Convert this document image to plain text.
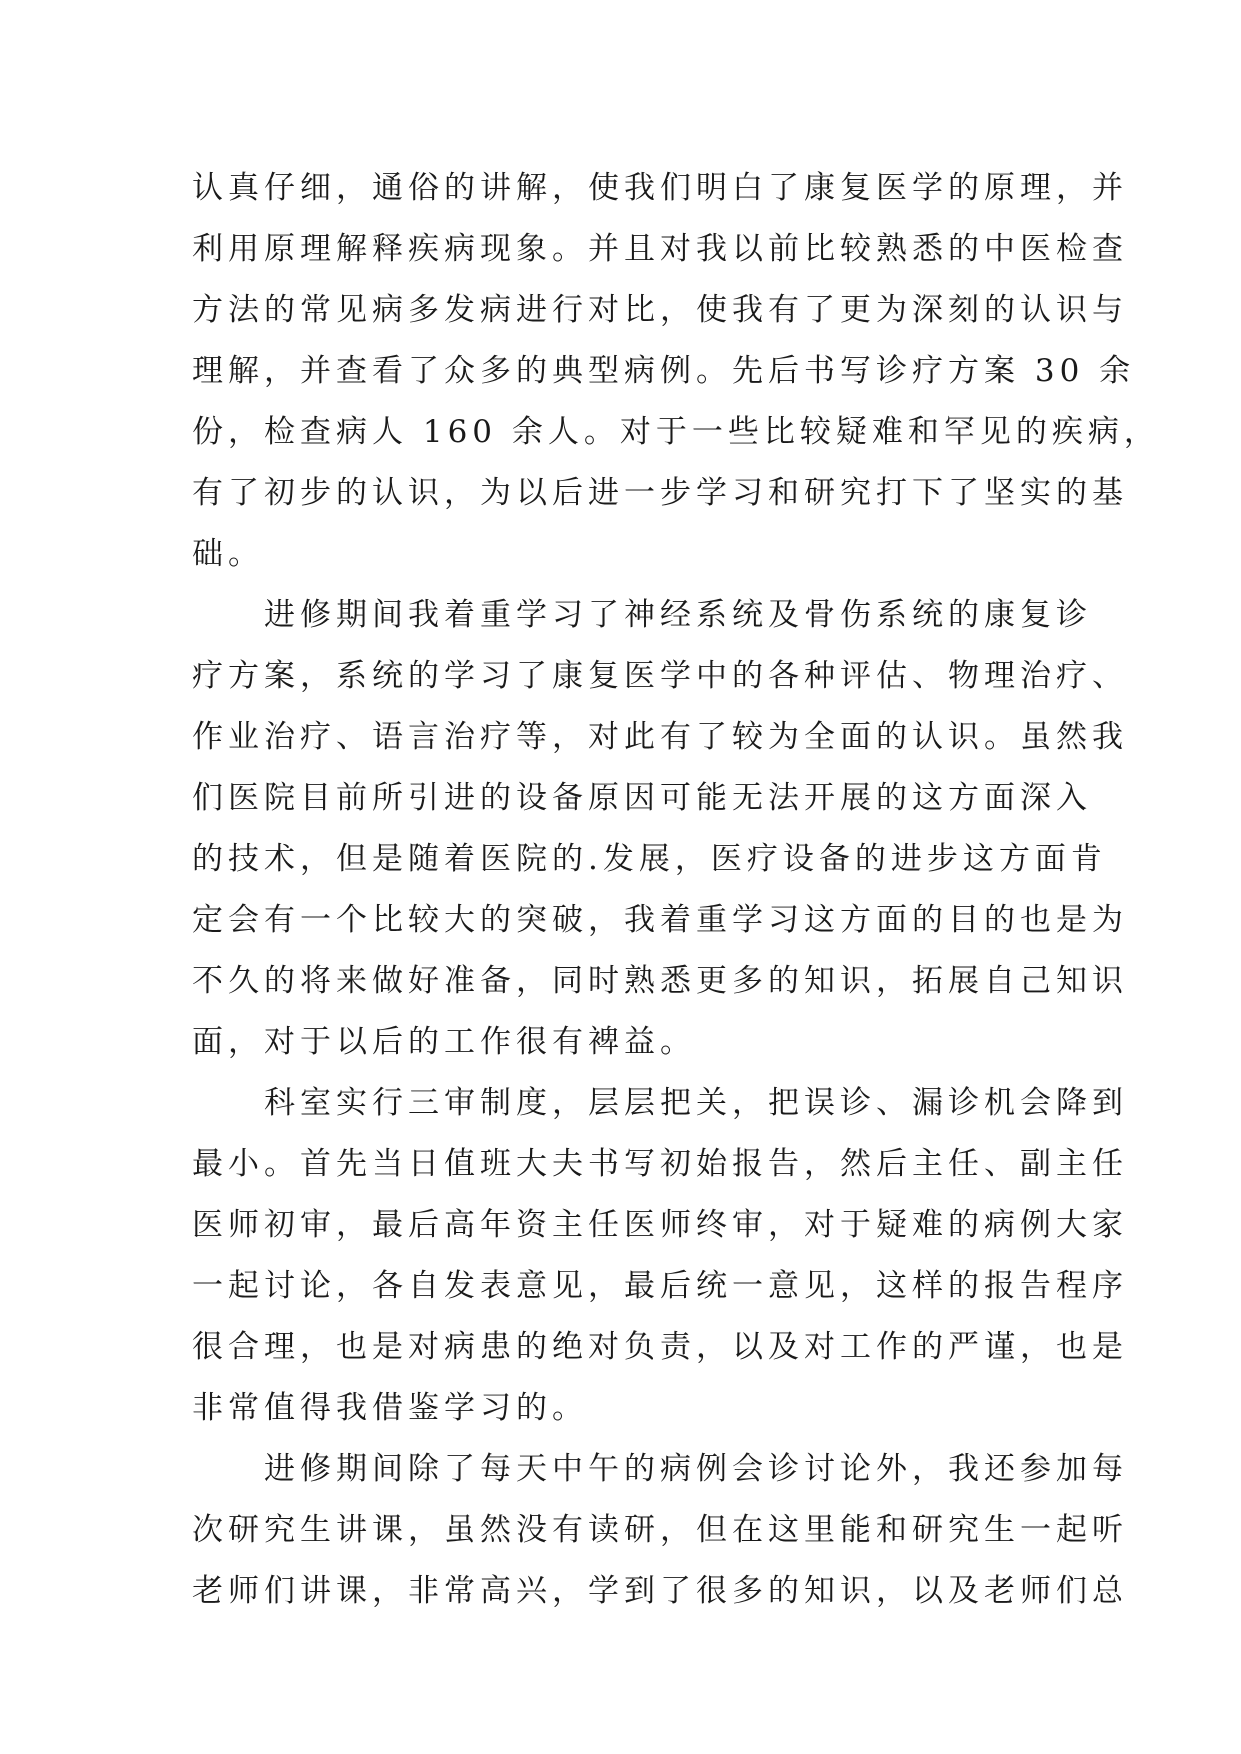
认真仔细，通俗的讲解，使我们明白了康复医学的原理，并
利用原理解释疾病现象。并且对我以前比较熟悉的中医检查
方法的常见病多发病进行对比，使我有了更为深刻的认识与
理解，并查看了众多的典型病例。先后书写诊疗方案 30 余
份，检查病人 160 余人。对于一些比较疑难和罕见的疾病，
有了初步的认识，为以后进一步学习和研究打下了坚实的基
础。
　　进修期间我着重学习了神经系统及骨伤系统的康复诊
疗方案，系统的学习了康复医学中的各种评估、物理治疗、
作业治疗、语言治疗等，对此有了较为全面的认识。虽然我
们医院目前所引进的设备原因可能无法开展的这方面深入
的技术，但是随着医院的.发展，医疗设备的进步这方面肯
定会有一个比较大的突破，我着重学习这方面的目的也是为
不久的将来做好准备，同时熟悉更多的知识，拓展自己知识
面，对于以后的工作很有裨益。
　　科室实行三审制度，层层把关，把误诊、漏诊机会降到
最小。首先当日值班大夫书写初始报告，然后主任、副主任
医师初审，最后高年资主任医师终审，对于疑难的病例大家
一起讨论，各自发表意见，最后统一意见，这样的报告程序
很合理，也是对病患的绝对负责，以及对工作的严谨，也是
非常值得我借鉴学习的。
　　进修期间除了每天中午的病例会诊讨论外，我还参加每
次研究生讲课，虽然没有读研，但在这里能和研究生一起听
老师们讲课，非常高兴，学到了很多的知识，以及老师们总
